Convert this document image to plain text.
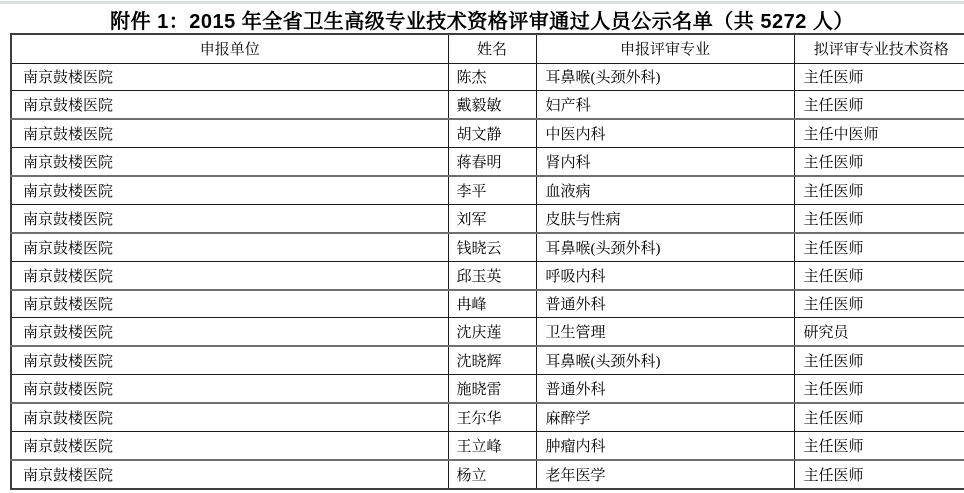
附件 1：2015 年全省卫生高级专业技术资格评审通过人员公示名单（共 5272 人）
申报单位	姓名	申报评审专业	拟评审专业技术资格
南京鼓楼医院	陈杰	耳鼻喉(头颈外科)	主任医师
南京鼓楼医院	戴毅敏	妇产科	主任医师
南京鼓楼医院	胡文静	中医内科	主任中医师
南京鼓楼医院	蒋春明	肾内科	主任医师
南京鼓楼医院	李平	血液病	主任医师
南京鼓楼医院	刘军	皮肤与性病	主任医师
南京鼓楼医院	钱晓云	耳鼻喉(头颈外科)	主任医师
南京鼓楼医院	邱玉英	呼吸内科	主任医师
南京鼓楼医院	冉峰	普通外科	主任医师
南京鼓楼医院	沈庆莲	卫生管理	研究员
南京鼓楼医院	沈晓辉	耳鼻喉(头颈外科)	主任医师
南京鼓楼医院	施晓雷	普通外科	主任医师
南京鼓楼医院	王尔华	麻醉学	主任医师
南京鼓楼医院	王立峰	肿瘤内科	主任医师
南京鼓楼医院	杨立	老年医学	主任医师
